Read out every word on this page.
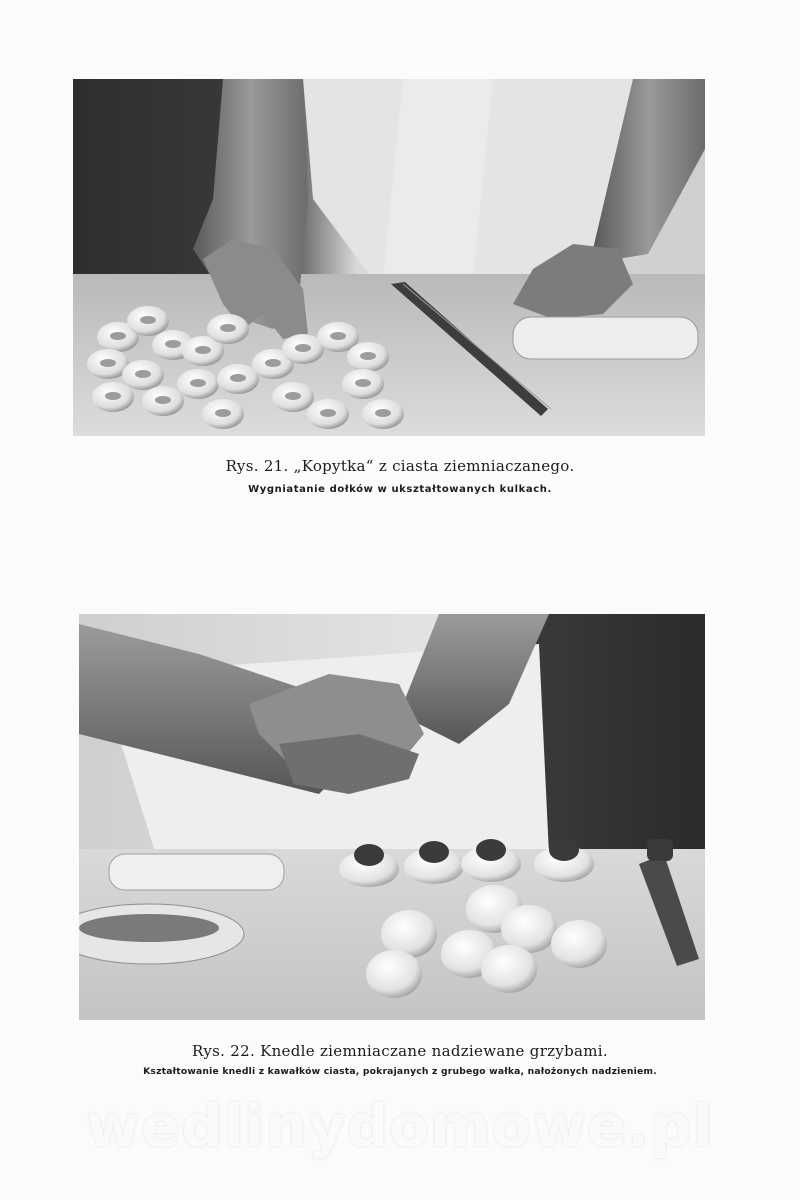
Rys. 21. „Kopytka“ z ciasta ziemniaczanego.
Wygniatanie dołków w ukształtowanych kulkach.
Rys. 22. Knedle ziemniaczane nadziewane grzybami.
Kształtowanie knedli z kawałków ciasta, pokrajanych z grubego wałka, nałożonych nadzieniem.
wedlinydomowe.pl
